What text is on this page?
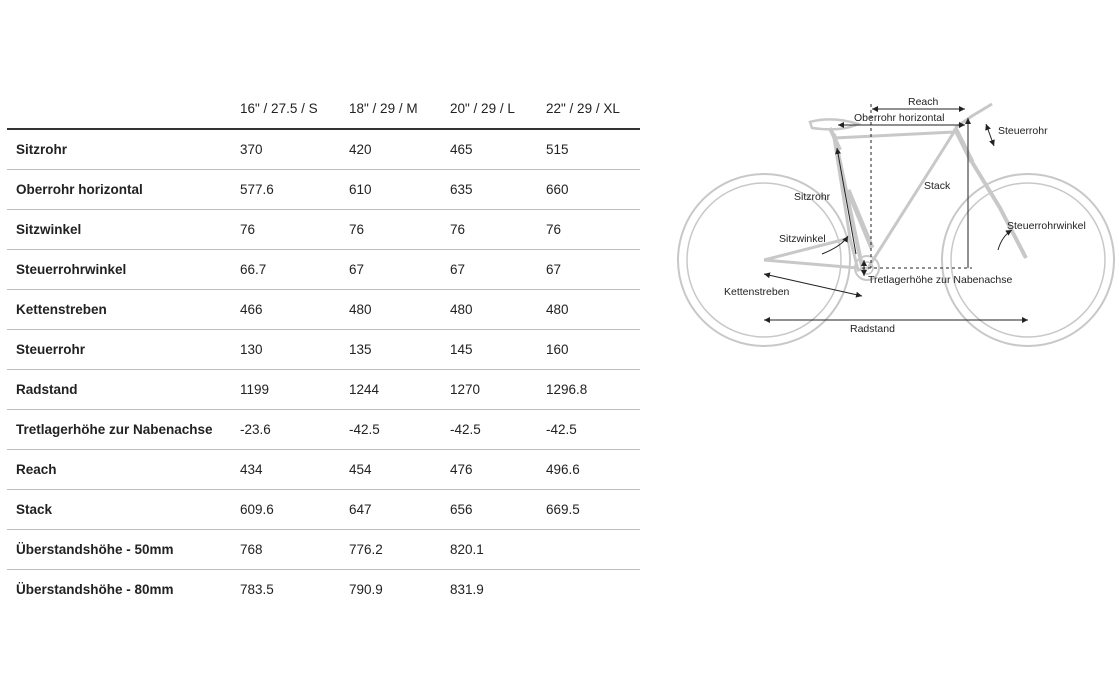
	16" / 27.5 / S	18" / 29 / M	20" / 29 / L	22" / 29 / XL
Sitzrohr	370	420	465	515
Oberrohr horizontal	577.6	610	635	660
Sitzwinkel	76	76	76	76
Steuerrohrwinkel	66.7	67	67	67
Kettenstreben	466	480	480	480
Steuerrohr	130	135	145	160
Radstand	1199	1244	1270	1296.8
Tretlagerhöhe zur Nabenachse	-23.6	-42.5	-42.5	-42.5
Reach	434	454	476	496.6
Stack	609.6	647	656	669.5
Überstandshöhe - 50mm	768	776.2	820.1	
Überstandshöhe - 80mm	783.5	790.9	831.9	
Reach
Oberrohr horizontal
Steuerrohr
Stack
Sitzrohr
Steuerrohrwinkel
Sitzwinkel
Tretlagerhöhe zur Nabenachse
Kettenstreben
Radstand
